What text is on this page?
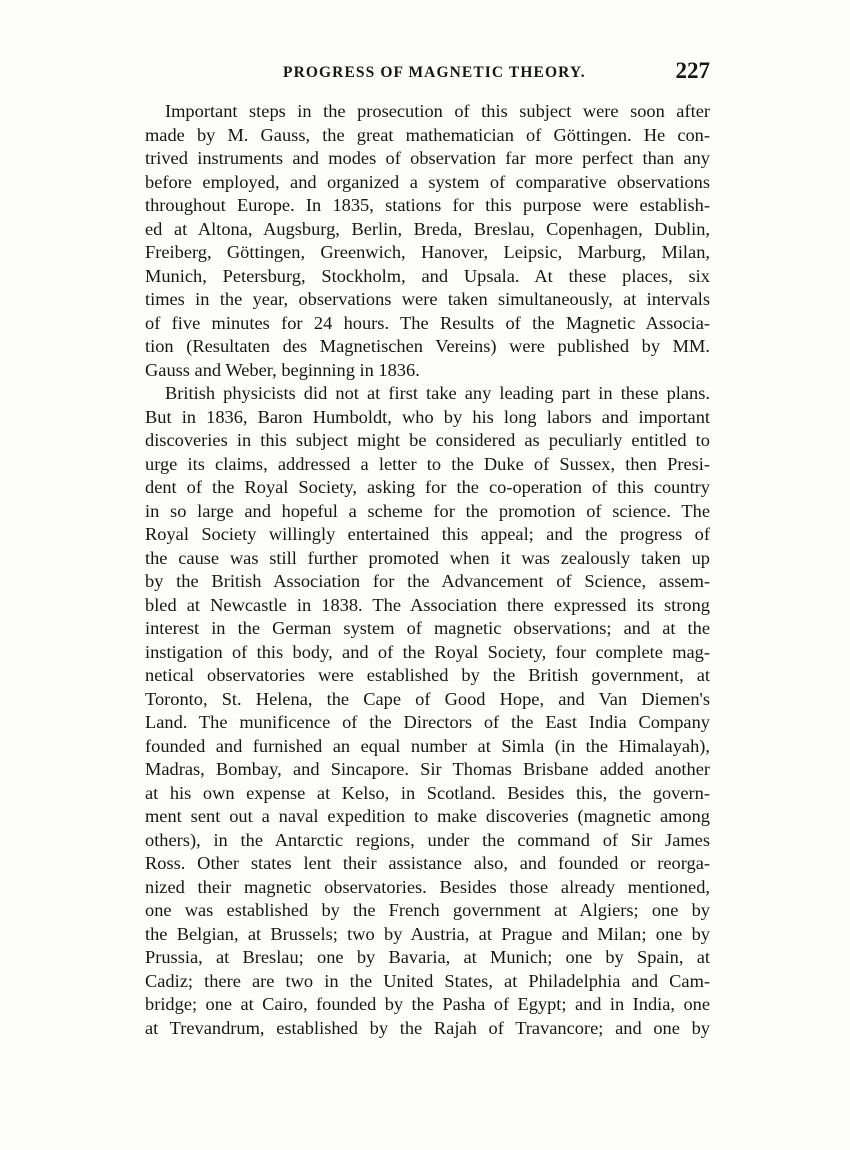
PROGRESS OF MAGNETIC THEORY.	227
Important steps in the prosecution of this subject were soon after
made by M. Gauss, the great mathematician of Göttingen. He con-
trived instruments and modes of observation far more perfect than any
before employed, and organized a system of comparative observations
throughout Europe. In 1835, stations for this purpose were establish-
ed at Altona, Augsburg, Berlin, Breda, Breslau, Copenhagen, Dublin,
Freiberg, Göttingen, Greenwich, Hanover, Leipsic, Marburg, Milan,
Munich, Petersburg, Stockholm, and Upsala. At these places, six
times in the year, observations were taken simultaneously, at intervals
of five minutes for 24 hours. The Results of the Magnetic Associa-
tion (Resultaten des Magnetischen Vereins) were published by MM.
Gauss and Weber, beginning in 1836.
British physicists did not at first take any leading part in these plans.
But in 1836, Baron Humboldt, who by his long labors and important
discoveries in this subject might be considered as peculiarly entitled to
urge its claims, addressed a letter to the Duke of Sussex, then Presi-
dent of the Royal Society, asking for the co-operation of this country
in so large and hopeful a scheme for the promotion of science. The
Royal Society willingly entertained this appeal; and the progress of
the cause was still further promoted when it was zealously taken up
by the British Association for the Advancement of Science, assem-
bled at Newcastle in 1838. The Association there expressed its strong
interest in the German system of magnetic observations; and at the
instigation of this body, and of the Royal Society, four complete mag-
netical observatories were established by the British government, at
Toronto, St. Helena, the Cape of Good Hope, and Van Diemen's
Land. The munificence of the Directors of the East India Company
founded and furnished an equal number at Simla (in the Himalayah),
Madras, Bombay, and Sincapore. Sir Thomas Brisbane added another
at his own expense at Kelso, in Scotland. Besides this, the govern-
ment sent out a naval expedition to make discoveries (magnetic among
others), in the Antarctic regions, under the command of Sir James
Ross. Other states lent their assistance also, and founded or reorga-
nized their magnetic observatories. Besides those already mentioned,
one was established by the French government at Algiers; one by
the Belgian, at Brussels; two by Austria, at Prague and Milan; one by
Prussia, at Breslau; one by Bavaria, at Munich; one by Spain, at
Cadiz; there are two in the United States, at Philadelphia and Cam-
bridge; one at Cairo, founded by the Pasha of Egypt; and in India, one
at Trevandrum, established by the Rajah of Travancore; and one by
